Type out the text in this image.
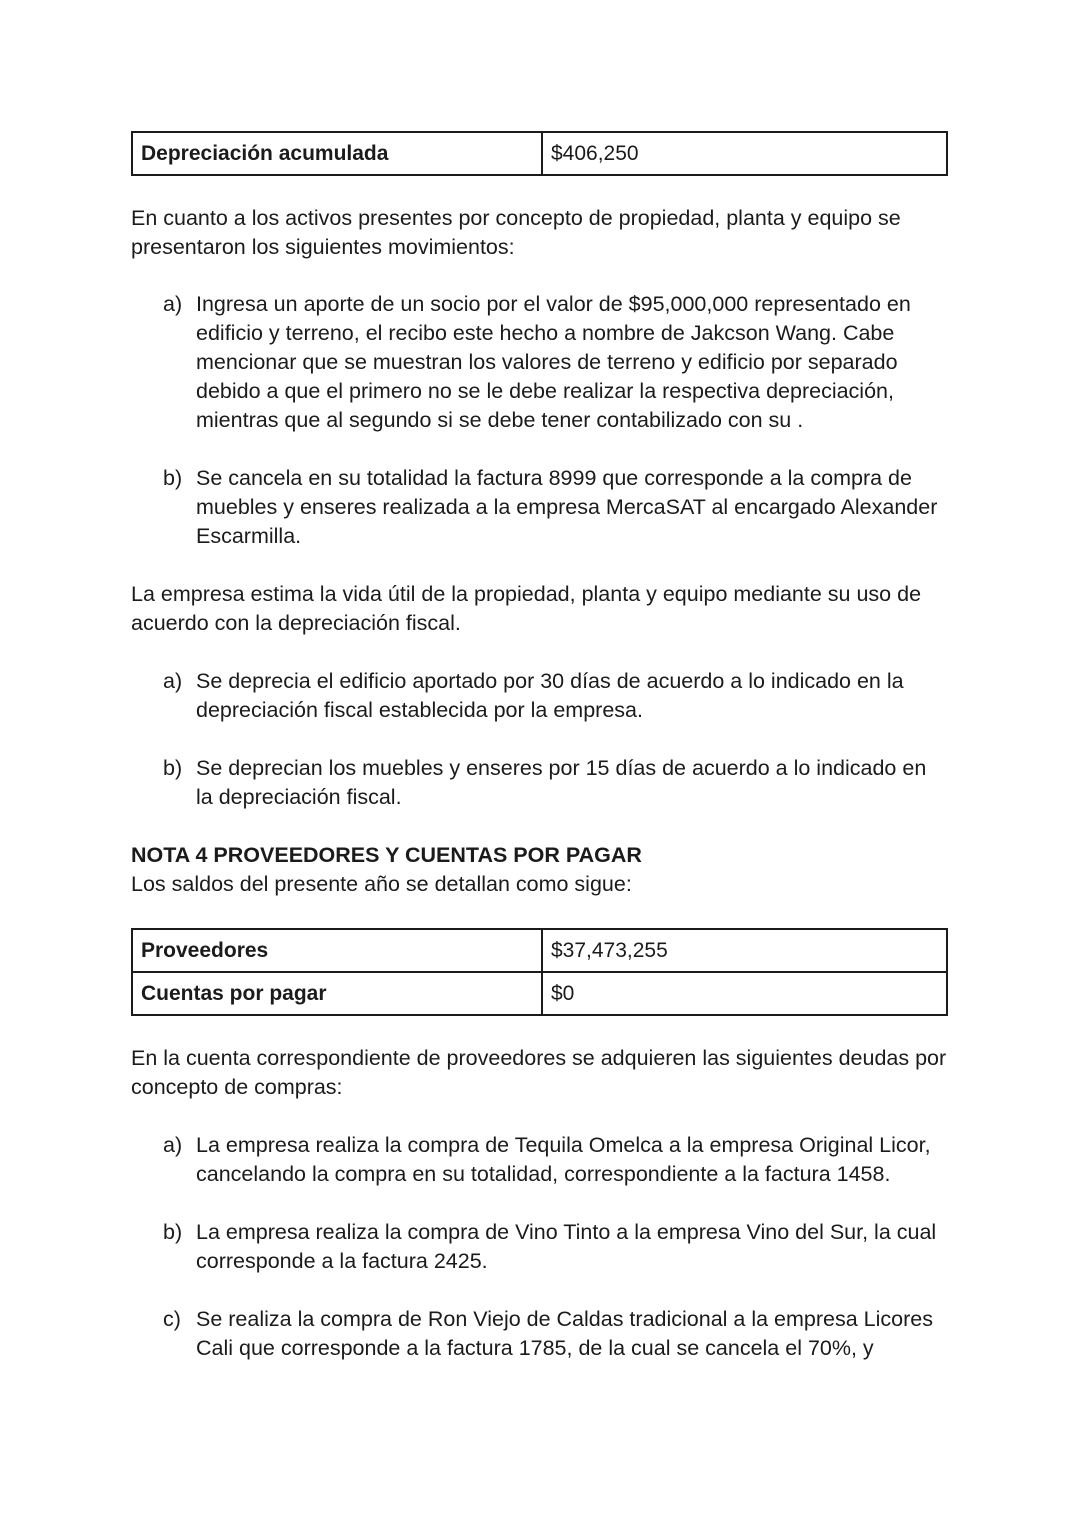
Depreciación acumulada	$406,250

En cuanto a los activos presentes por concepto de propiedad, planta y equipo se presentaron los siguientes movimientos:

a) Ingresa un aporte de un socio por el valor de $95,000,000 representado en edificio y terreno, el recibo este hecho a nombre de Jakcson Wang. Cabe mencionar que se muestran los valores de terreno y edificio por separado debido a que el primero no se le debe realizar la respectiva depreciación, mientras que al segundo si se debe tener contabilizado con su .
b) Se cancela en su totalidad la factura 8999 que corresponde a la compra de muebles y enseres realizada a la empresa MercaSAT al encargado Alexander Escarmilla.

La empresa estima la vida útil de la propiedad, planta y equipo mediante su uso de acuerdo con la depreciación fiscal.

a) Se deprecia el edificio aportado por 30 días de acuerdo a lo indicado en la depreciación fiscal establecida por la empresa.
b) Se deprecian los muebles y enseres por 15 días de acuerdo a lo indicado en la depreciación fiscal.

NOTA 4 PROVEEDORES Y CUENTAS POR PAGAR

Los saldos del presente año se detallan como sigue:

Proveedores	$37,473,255
Cuentas por pagar	$0

En la cuenta correspondiente de proveedores se adquieren las siguientes deudas por concepto de compras:

a) La empresa realiza la compra de Tequila Omelca a la empresa Original Licor, cancelando la compra en su totalidad, correspondiente a la factura 1458.
b) La empresa realiza la compra de Vino Tinto a la empresa Vino del Sur, la cual corresponde a la factura 2425.
c) Se realiza la compra de Ron Viejo de Caldas tradicional a la empresa Licores Cali que corresponde a la factura 1785, de la cual se cancela el 70%, y
